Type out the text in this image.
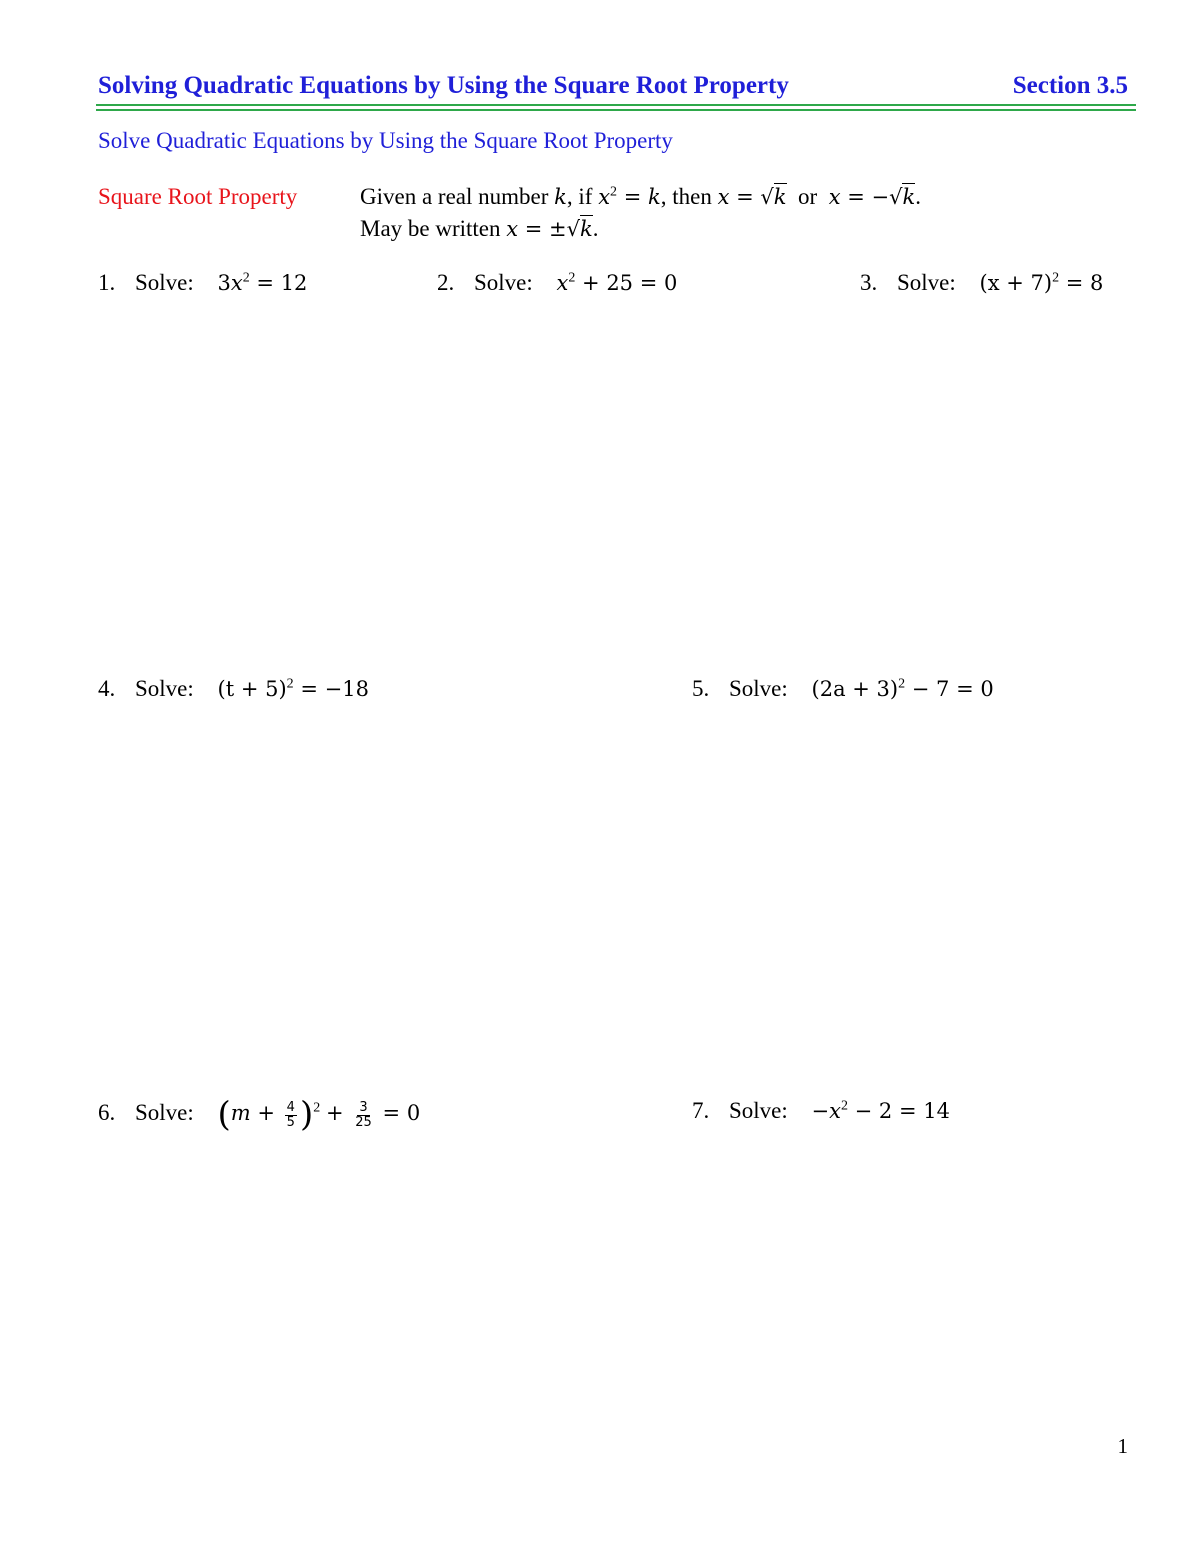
Solving Quadratic Equations by Using the Square Root Property	Section 3.5
Solve Quadratic Equations by Using the Square Root Property
Square Root Property	Given a real number k, if $x^2 = k$, then x = √k or x = −√k.
May be written x = ±√k.
1. Solve: $3x^2 = 12$	2. Solve: $x^2 + 25 = 0$	3. Solve: $(x + 7)^2 = 8$
4. Solve: $(t + 5)^2 = -18$	5. Solve: $(2a + 3)^2 - 7 = 0$
6. Solve: $(m + \frac{4}{5} )^2 + \frac{3}{25} = 0$	7. Solve: $-x^2 - 2 = 14$
1
